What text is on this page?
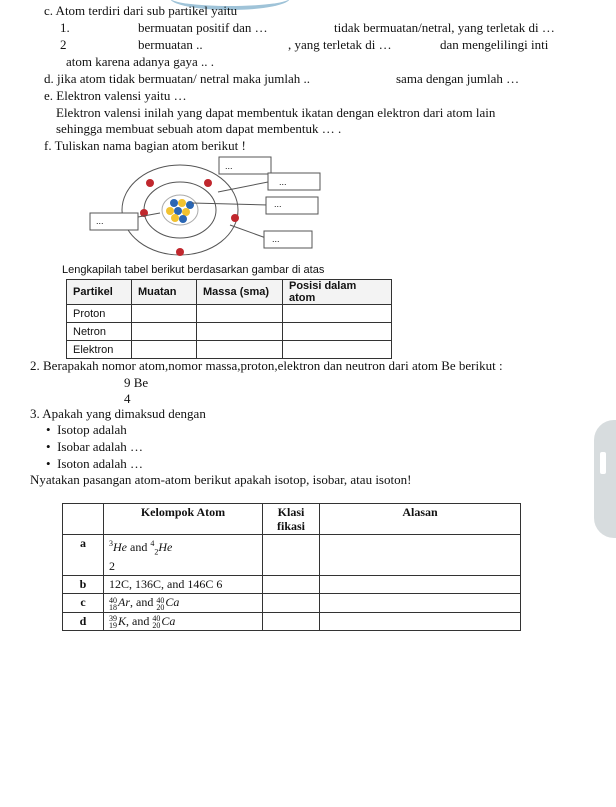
c. Atom terdiri dari sub partikel yaitu
1.	bermuatan positif dan …	tidak bermuatan/netral, yang terletak di …
2	bermuatan ..	, yang terletak di …	dan mengelilingi inti
atom karena adanya gaya .. .
d. jika atom tidak bermuatan/ netral maka jumlah ..	sama dengan jumlah …
e. Elektron valensi yaitu …
Elektron valensi inilah yang dapat membentuk ikatan dengan elektron dari atom lain
sehingga membuat sebuah atom dapat membentuk … .
f. Tuliskan nama bagian atom berikut !
...
...
...
...
...
Lengkapilah tabel berikut berdasarkan gambar di atas
Partikel	Muatan	Massa (sma)	Posisi dalam atom
Proton			
Netron			
Elektron			
2. Berapakah nomor atom,nomor massa,proton,elektron dan neutron dari atom Be berikut :
9 Be
4
3. Apakah yang dimaksud dengan
•  Isotop adalah
•  Isobar adalah …
•  Isoton adalah …
Nyatakan pasangan atom-atom berikut apakah isotop, isobar, atau isoton!
	Kelompok Atom	Klasi
fikasi	Alasan
a	$^3$He and $^4_2$He
2		
b	12C, 136C, and 146C 6		
c	40
18Ar, and 40
20Ca		
d	39
19K, and 40
20Ca		
